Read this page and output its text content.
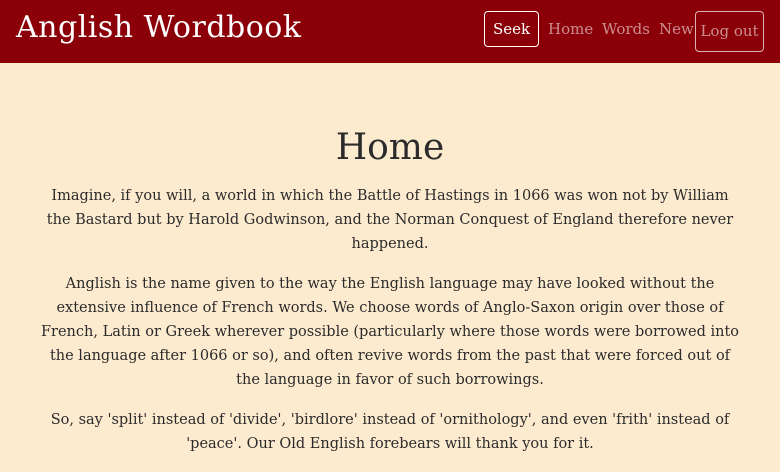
Anglish Wordbook	Seek	Home Words New Log out
Home

Imagine, if you will, a world in which the Battle of Hastings in 1066 was won not by William the Bastard but by Harold Godwinson, and the Norman Conquest of England therefore never happened.

Anglish is the name given to the way the English language may have looked without the extensive influence of French words. We choose words of Anglo-Saxon origin over those of French, Latin or Greek wherever possible (particularly where those words were borrowed into the language after 1066 or so), and often revive words from the past that were forced out of the language in favor of such borrowings.

So, say 'split' instead of 'divide', 'birdlore' instead of 'ornithology', and even 'frith' instead of 'peace'. Our Old English forebears will thank you for it.
